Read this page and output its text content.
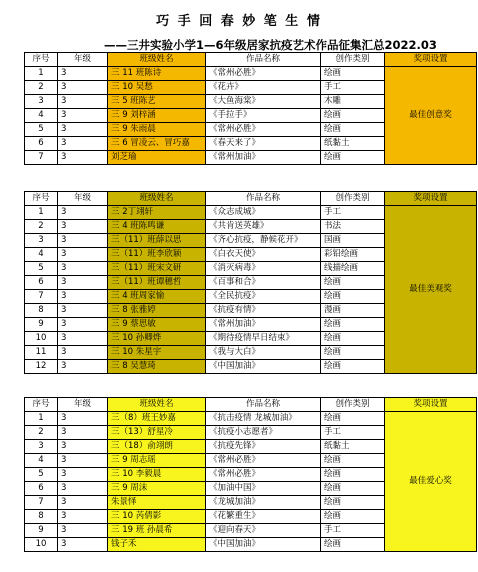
巧 手 回 春 妙 笔 生 情
——三井实验小学1—6年级居家抗疫艺术作品征集汇总2022.03
序号	年级	班级姓名	作品名称	创作类别	奖项设置
1	3	三 11 班陈诗	《常州必胜》	绘画	最佳创意奖
2	3	三 10 吴愁	《花卉》	手工	
3	3	三 5 班陈艺	《大鱼海棠》	木雕	
4	3	三 9 刘梓涵	《手拉手》	绘画	
5	3	三 9 朱雨晨	《常州必胜》	绘画	
6	3	三 6 冒凌云、冒巧嘉	《春天来了》	纸黏土	
7	3	刘芝瑜	《常州加油》	绘画	
序号	年级	班级姓名	作品名称	创作类别	奖项设置
1	3	三 2丁翊轩	《众志成城》	手工	最佳美观奖
2	3	三 4 班陈鸣谦	《共肯送英雄》	书法	
3	3	三（11）班薛以思	《齐心抗疫，静候花开》	国画	
4	3	三（11）班李欣颖	《白衣天使》	彩铅绘画	
5	3	三（11）班宋文研	《消灭病毒》	线描绘画	
6	3	三（11）班谭穗哲	《百事和合》	绘画	
7	3	三 4 班周家愉	《全民抗疫》	绘画	
8	3	三 8 张雅婷	《抗疫有情》	漫画	
9	3	三 9 蔡思敏	《常州加油》	绘画	
10	3	三 10 孙卿烨	《期待疫情早日结束》	绘画	
11	3	三 10 朱星宇	《我与大白》	绘画	
12	3	三 8 吴慧琦	《中国加油》	绘画	
序号	年级	班级姓名	作品名称	创作类别	奖项设置
1	3	三（8）班王妙嘉	《抗击疫情 龙城加油》	绘画	最佳爱心奖
2	3	三（13）舒星冷	《抗疫小志愿者》	手工	
3	3	三（18）俞翊朗	《抗疫先锋》	纸黏土	
4	3	三 9 周志瑶	《常州必胜》	绘画	
5	3	三 10 李毅晨	《常州必胜》	绘画	
6	3	三 9 周沫	《加油中国》	绘画	
7	3	朱景怿	《龙城加油》	绘画	
8	3	三 10 芮倩影	《花繁重生》	绘画	
9	3	三 19 班 孙晨希	《迎向春天》	手工	
10	3	钱子禾	《中国加油》	绘画	
